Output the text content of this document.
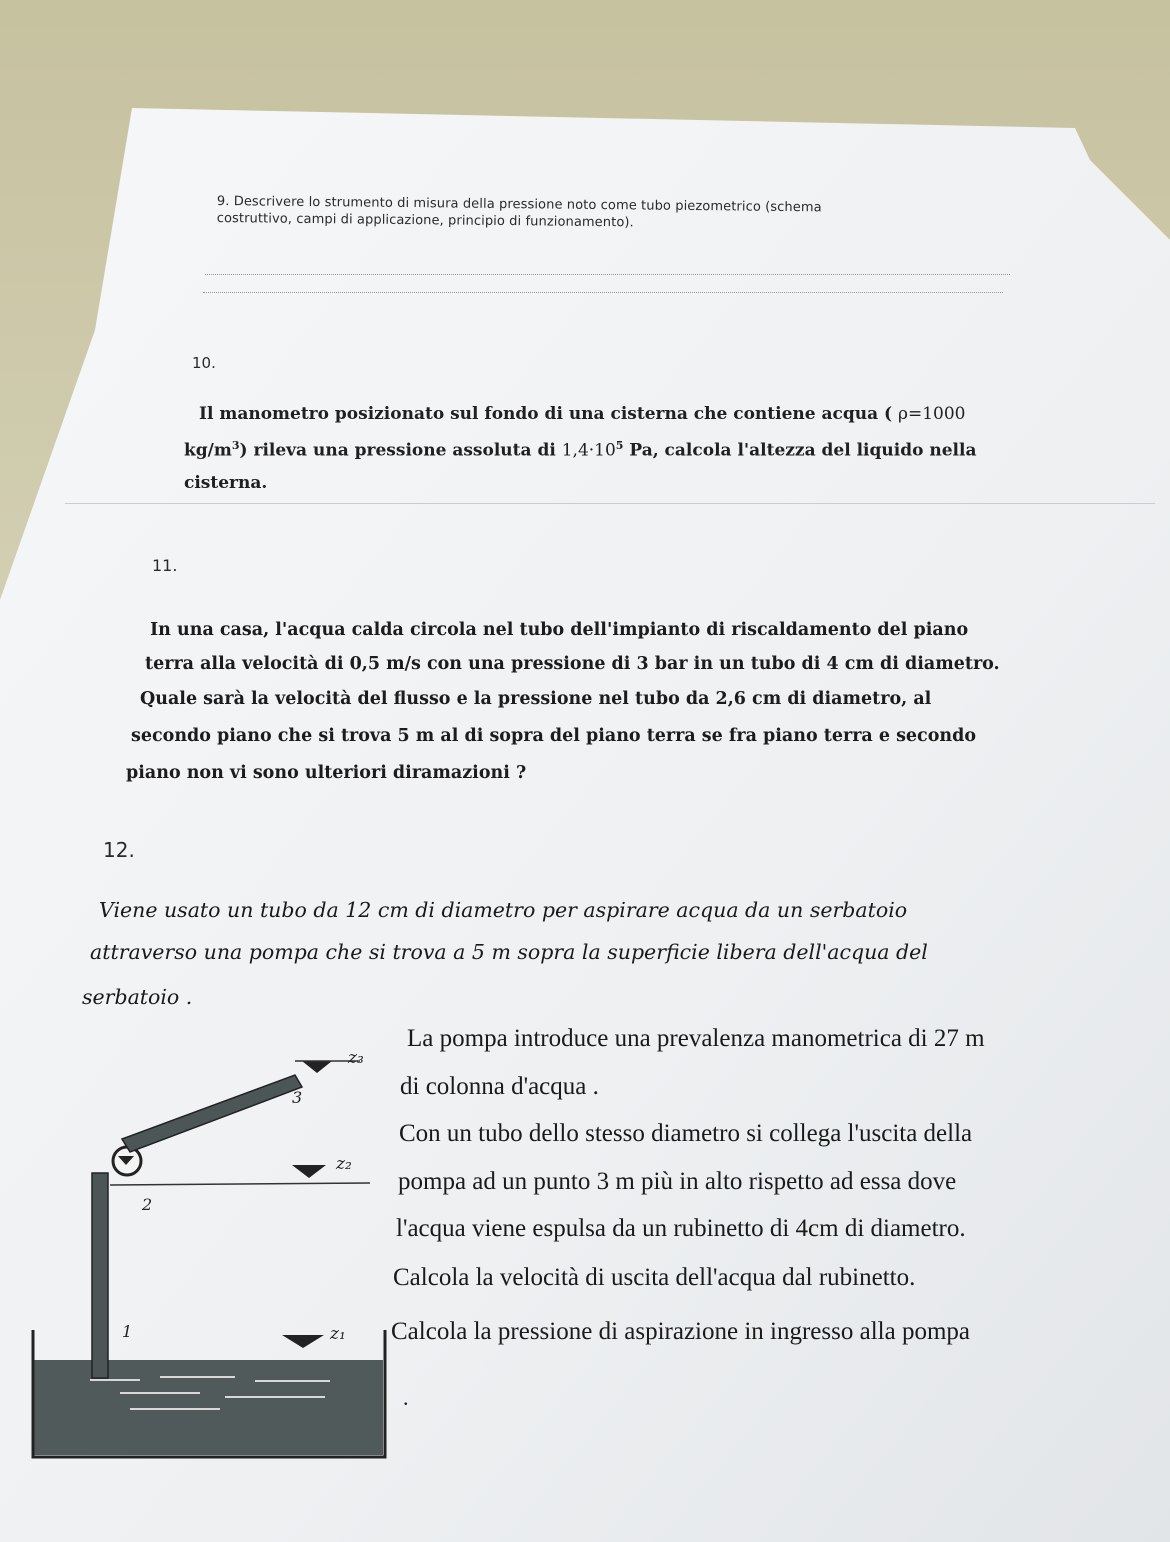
9. Descrivere lo strumento di misura della pressione noto come tubo piezometrico (schema
costruttivo, campi di applicazione, principio di funzionamento).
10.
Il manometro posizionato sul fondo di una cisterna che contiene acqua ( ρ=1000
$kg/m^3$) rileva una pressione assoluta di $1,4\cdot 10^5$ Pa, calcola l'altezza del liquido nella
cisterna.
11.
In una casa, l'acqua calda circola nel tubo dell'impianto di riscaldamento del piano
terra alla velocità di 0,5 m/s con una pressione di 3 bar in un tubo di 4 cm di diametro.
Quale sarà la velocità del flusso e la pressione nel tubo da 2,6 cm di diametro, al
secondo piano che si trova 5 m al di sopra del piano terra se fra piano terra e secondo
piano non vi sono ulteriori diramazioni ?
12.
Viene usato un tubo da 12 cm di diametro per aspirare acqua da un serbatoio
attraverso una pompa che si trova a 5 m sopra la superficie libera dell'acqua del
serbatoio .
La pompa introduce una prevalenza manometrica di 27 m
di colonna d'acqua .
Con un tubo dello stesso diametro si collega l'uscita della
pompa ad un punto 3 m più in alto rispetto ad essa dove
l'acqua viene espulsa da un rubinetto di 4cm di diametro.
Calcola la velocità di uscita dell'acqua dal rubinetto.
Calcola la pressione di aspirazione in ingresso alla pompa
.
z₃
z₂
z₁
3
2
1
